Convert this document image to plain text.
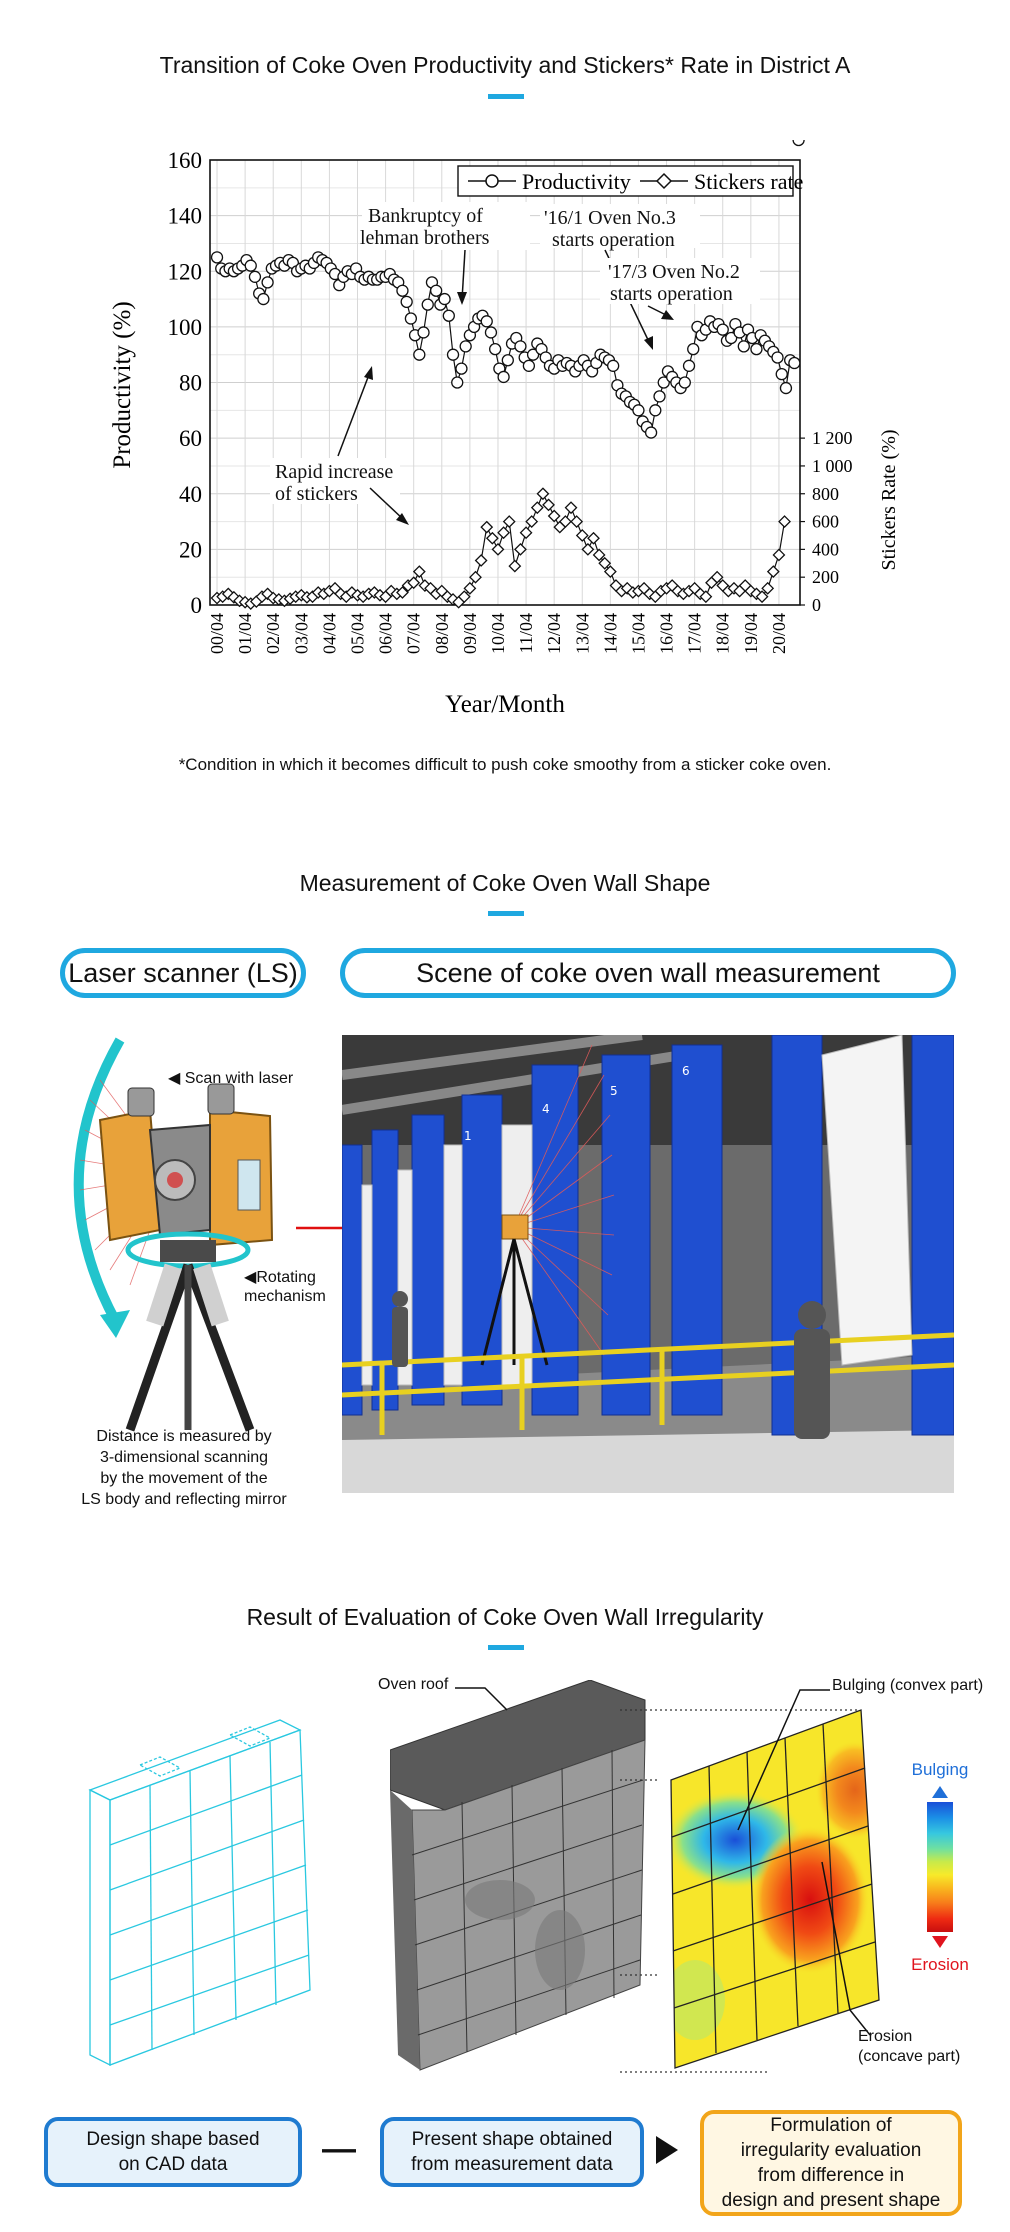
Transition of Coke Oven Productivity and Stickers* Rate in District A
0
20
40
60
80
100
120
140
160
0
200
400
600
800
1 000
1 200
00/04 01/04 02/04 03/04 04/04 05/04 06/04 07/04 08/04 09/04 10/04 11/04 12/04 13/04 14/04 15/04 16/04 17/04 18/04 19/04 20/04
Productivity (%)
Stickers Rate (%)
Year/Month
Productivity	Stickers rate
Bankruptcy of
lehman brothers
'16/1 Oven No.3
starts operation
'17/3 Oven No.2
starts operation
Rapid increase
of stickers
*Condition in which it becomes difficult to push coke smoothy from a sticker coke oven.
Measurement of Coke Oven Wall Shape
Laser scanner (LS)	Scene of coke oven wall measurement
◀ Scan with laser
◀Rotating
mechanism
Distance is measured by
3-dimensional scanning
by the movement of the
LS body and reflecting mirror
1
4
5
6
Result of Evaluation of Coke Oven Wall Irregularity
Oven roof	Bulging (convex part)
Erosion
(concave part)
Bulging
Erosion
Design shape based
on CAD data	—	Present shape obtained
from measurement data
Formulation of
irregularity evaluation
from difference in
design and present shape
